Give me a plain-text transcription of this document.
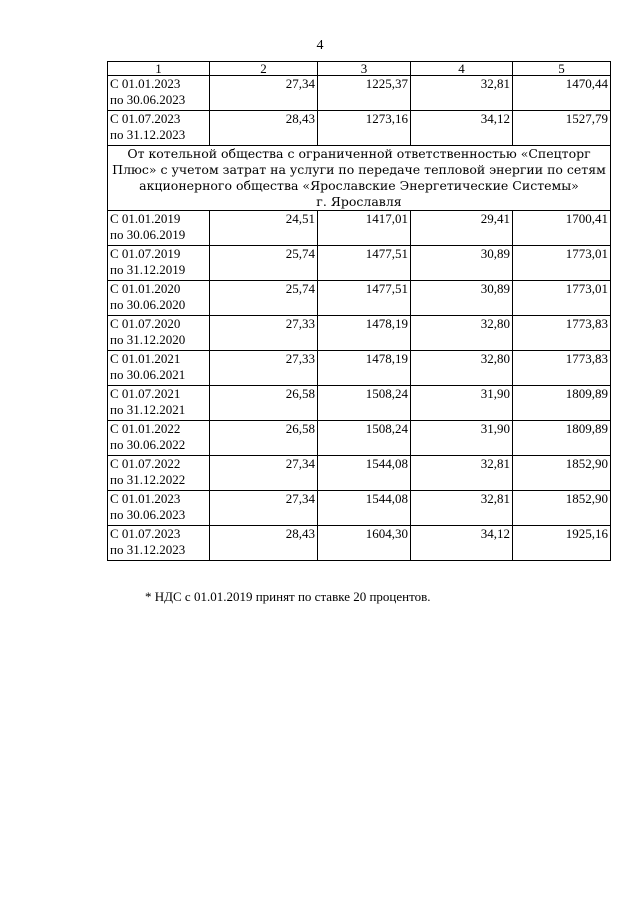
4
1	2	3	4	5

С 01.01.2023
по 30.06.2023	27,34	1225,37	32,81	1470,44

С 01.07.2023
по 31.12.2023	28,43	1273,16	34,12	1527,79

От котельной общества с ограниченной ответственностью «Спецторг
Плюс» с учетом затрат на услуги по передаче тепловой энергии по сетям
акционерного общества «Ярославские Энергетические Системы»
г. Ярославля				

С 01.01.2019
по 30.06.2019	24,51	1417,01	29,41	1700,41

С 01.07.2019
по 31.12.2019	25,74	1477,51	30,89	1773,01

С 01.01.2020
по 30.06.2020	25,74	1477,51	30,89	1773,01

С 01.07.2020
по 31.12.2020	27,33	1478,19	32,80	1773,83

С 01.01.2021
по 30.06.2021	27,33	1478,19	32,80	1773,83

С 01.07.2021
по 31.12.2021	26,58	1508,24	31,90	1809,89

С 01.01.2022
по 30.06.2022	26,58	1508,24	31,90	1809,89

С 01.07.2022
по 31.12.2022	27,34	1544,08	32,81	1852,90

С 01.01.2023
по 30.06.2023	27,34	1544,08	32,81	1852,90

С 01.07.2023
по 31.12.2023	28,43	1604,30	34,12	1925,16
* НДС с 01.01.2019 принят по ставке 20 процентов.
